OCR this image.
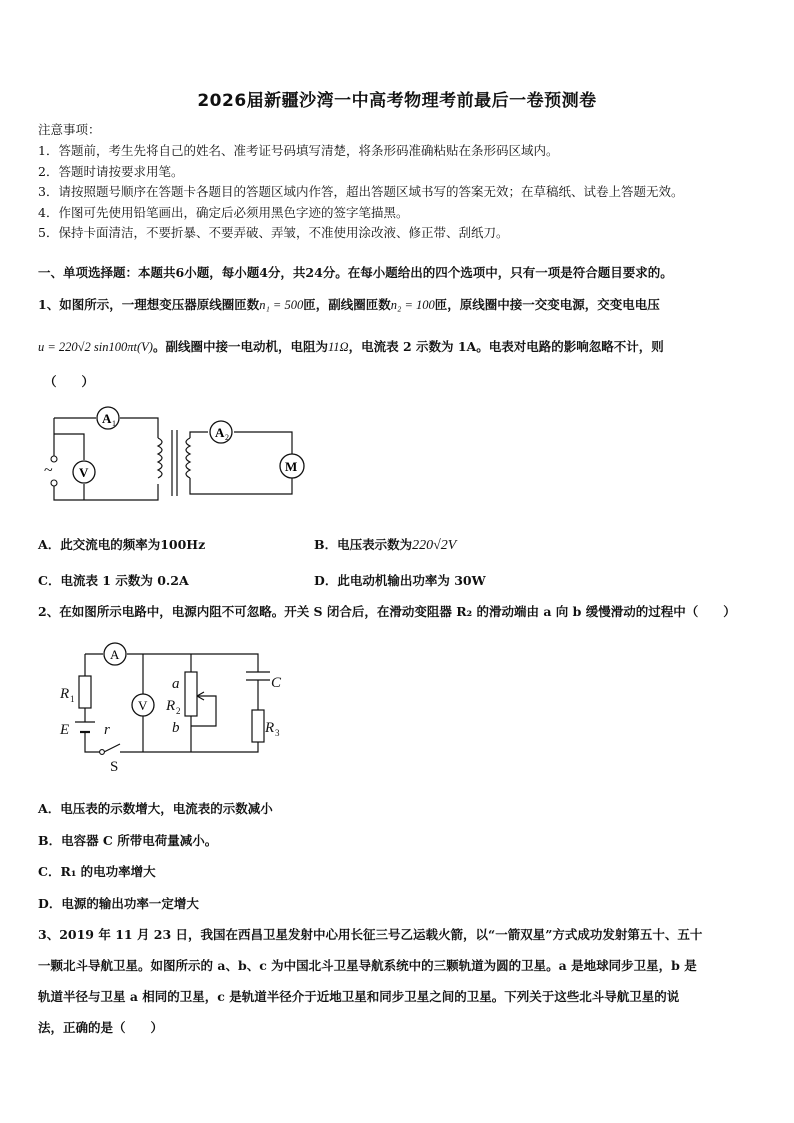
2026届新疆沙湾一中高考物理考前最后一卷预测卷
注意事项：
1．答题前，考生先将自己的姓名、准考证号码填写清楚，将条形码准确粘贴在条形码区域内。
2．答题时请按要求用笔。
3．请按照题号顺序在答题卡各题目的答题区域内作答，超出答题区域书写的答案无效；在草稿纸、试卷上答题无效。
4．作图可先使用铅笔画出，确定后必须用黑色字迹的签字笔描黑。
5．保持卡面清洁，不要折暴、不要弄破、弄皱，不准使用涂改液、修正带、刮纸刀。
一、单项选择题：本题共6小题，每小题4分，共24分。在每小题给出的四个选项中，只有一项是符合题目要求的。
1、如图所示，一理想变压器原线圈匝数n₁ = 500匝，副线圈匝数n₂ = 100匝，原线圈中接一交变电源，交变电电压
u = 220√2 sin100πt(V)。副线圈中接一电动机，电阻为11Ω，电流表 2 示数为 1A。电表对电路的影响忽略不计，则
（　　）
~
A 1
V
A 2
M
A．此交流电的频率为100Hz	B．电压表示数为220√2V
C．电流表 1 示数为 0.2A	D．此电动机输出功率为 30W
2、在如图所示电路中，电源内阻不可忽略。开关 S 闭合后，在滑动变阻器 R₂ 的滑动端由 a 向 b 缓慢滑动的过程中（　　）
A
V
R 1
E r
S
a
R 2
b
C
R 3
A．电压表的示数增大，电流表的示数减小
B．电容器 C 所带电荷量减小。
C．R₁ 的电功率增大
D．电源的输出功率一定增大
3、2019 年 11 月 23 日，我国在西昌卫星发射中心用长征三号乙运载火箭，以“一箭双星”方式成功发射第五十、五十
一颗北斗导航卫星。如图所示的 a、b、c 为中国北斗卫星导航系统中的三颗轨道为圆的卫星。a 是地球同步卫星，b 是
轨道半径与卫星 a 相同的卫星，c 是轨道半径介于近地卫星和同步卫星之间的卫星。下列关于这些北斗导航卫星的说
法，正确的是（　　）
